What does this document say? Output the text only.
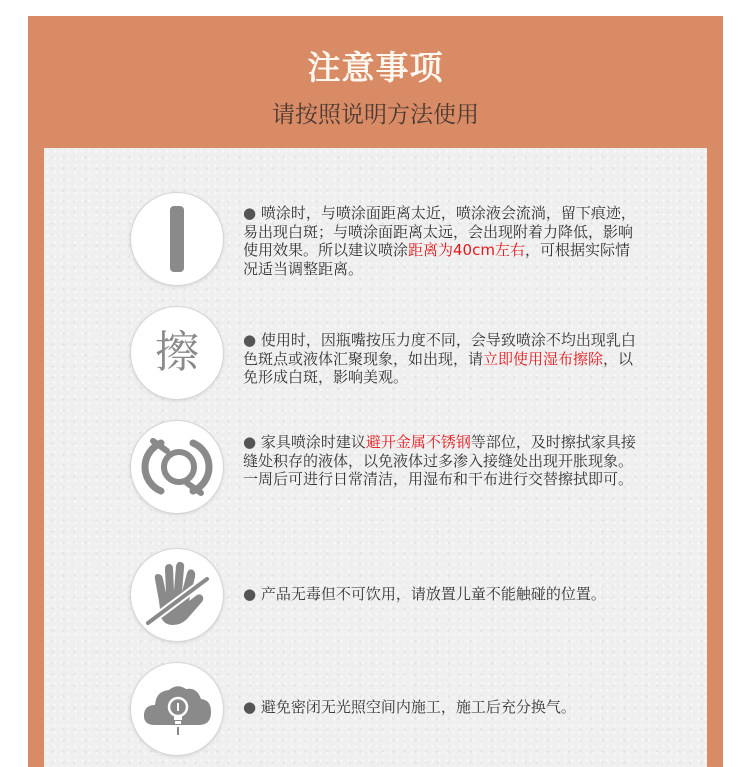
注意事项
请按照说明方法使用
● 喷涂时，与喷涂面距离太近，喷涂液会流淌，留下痕迹，易出现白斑；与喷涂面距离太远，会出现附着力降低，影响使用效果。所以建议喷涂距离为40cm左右，可根据实际情况适当调整距离。
擦	● 使用时，因瓶嘴按压力度不同，会导致喷涂不均出现乳白色斑点或液体汇聚现象，如出现，请立即使用湿布擦除，以免形成白斑，影响美观。
● 家具喷涂时建议避开金属不锈钢等部位，及时擦拭家具接缝处积存的液体，以免液体过多渗入接缝处出现开胀现象。一周后可进行日常清洁，用湿布和干布进行交替擦拭即可。
● 产品无毒但不可饮用，请放置儿童不能触碰的位置。
● 避免密闭无光照空间内施工，施工后充分换气。
